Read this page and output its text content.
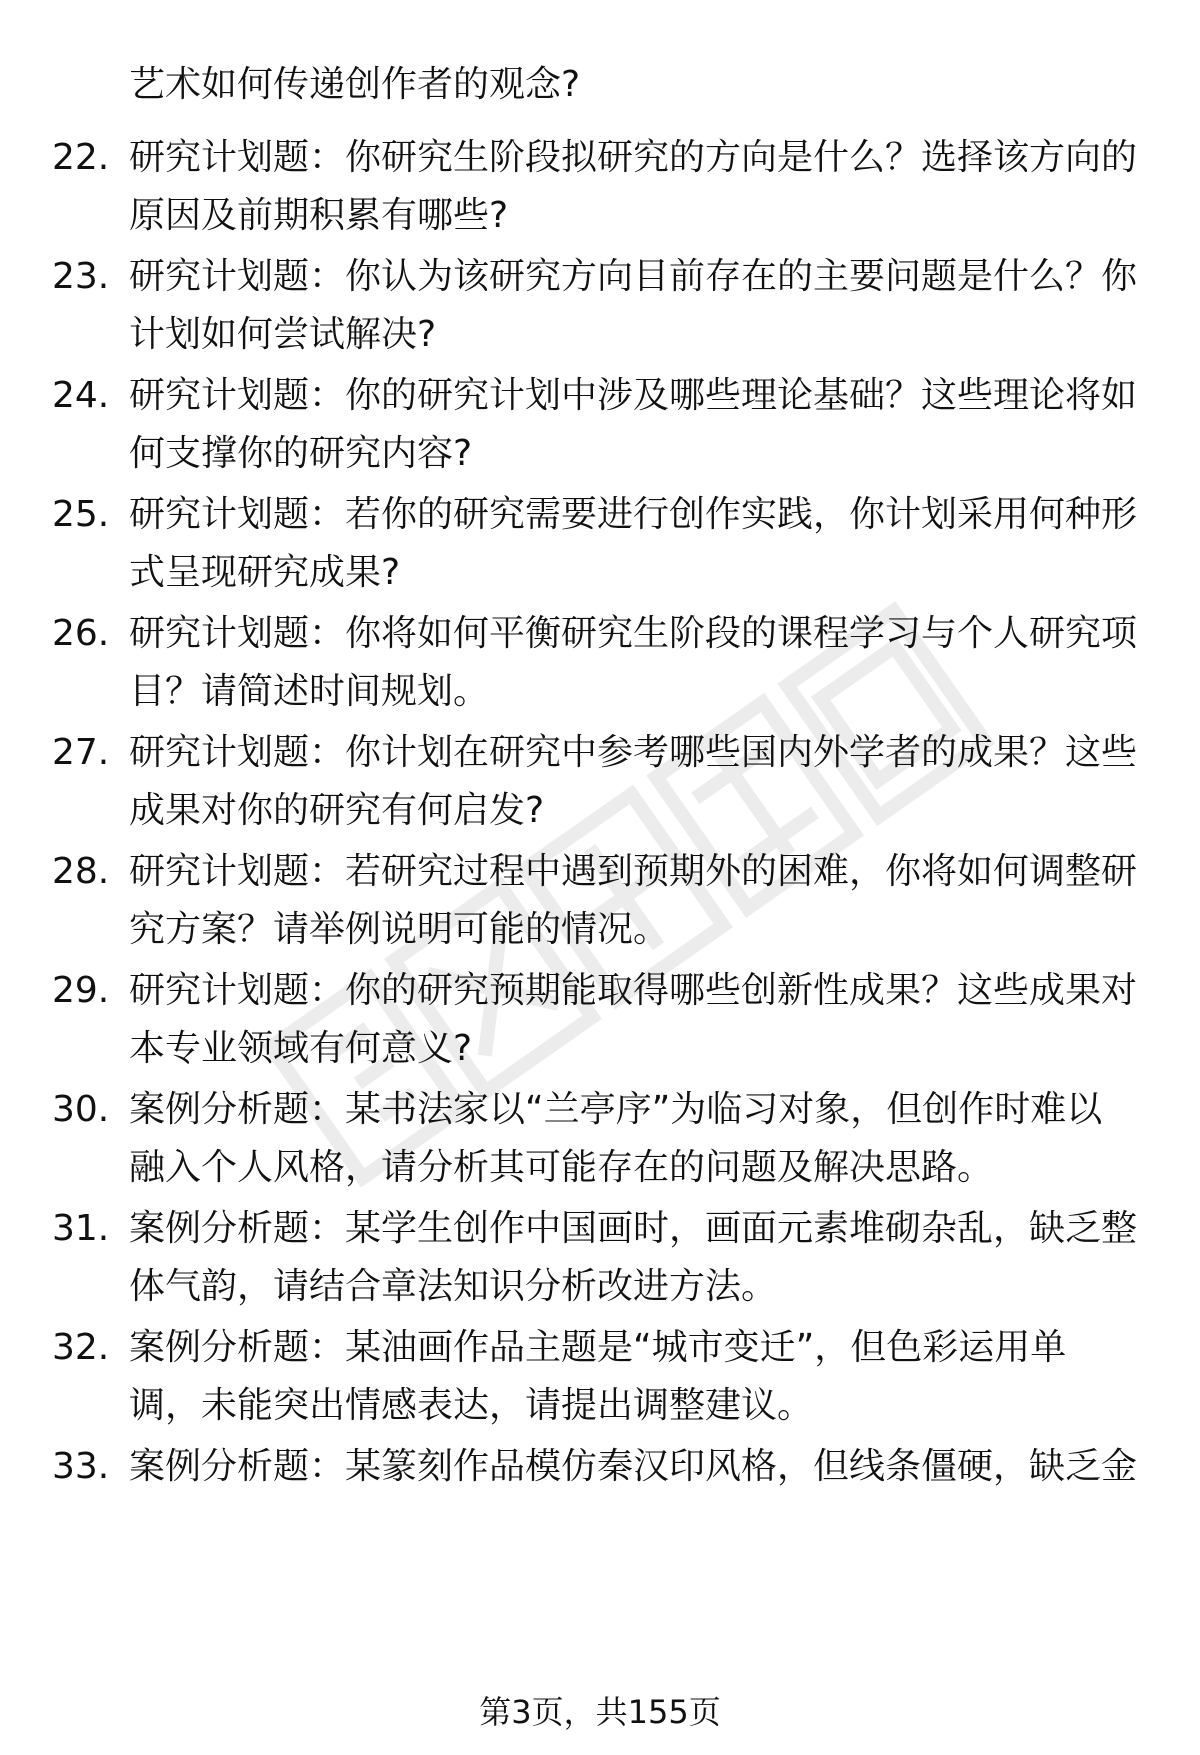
艺术如何传递创作者的观念?
22. 研究计划题：你研究生阶段拟研究的方向是什么？选择该方向的
原因及前期积累有哪些?
23. 研究计划题：你认为该研究方向目前存在的主要问题是什么？你
计划如何尝试解决?
24. 研究计划题：你的研究计划中涉及哪些理论基础？这些理论将如
何支撑你的研究内容?
25. 研究计划题：若你的研究需要进行创作实践，你计划采用何种形
式呈现研究成果?
26. 研究计划题：你将如何平衡研究生阶段的课程学习与个人研究项
目？请简述时间规划。
27. 研究计划题：你计划在研究中参考哪些国内外学者的成果？这些
成果对你的研究有何启发?
28. 研究计划题：若研究过程中遇到预期外的困难，你将如何调整研
究方案？请举例说明可能的情况。
29. 研究计划题：你的研究预期能取得哪些创新性成果？这些成果对
本专业领域有何意义?
30. 案例分析题：某书法家以“兰亭序”为临习对象，但创作时难以
融入个人风格，请分析其可能存在的问题及解决思路。
31. 案例分析题：某学生创作中国画时，画面元素堆砌杂乱，缺乏整
体气韵，请结合章法知识分析改进方法。
32. 案例分析题：某油画作品主题是“城市变迁”，但色彩运用单
调，未能突出情感表达，请提出调整建议。
33. 案例分析题：某篆刻作品模仿秦汉印风格，但线条僵硬，缺乏金
第3页，共155页
